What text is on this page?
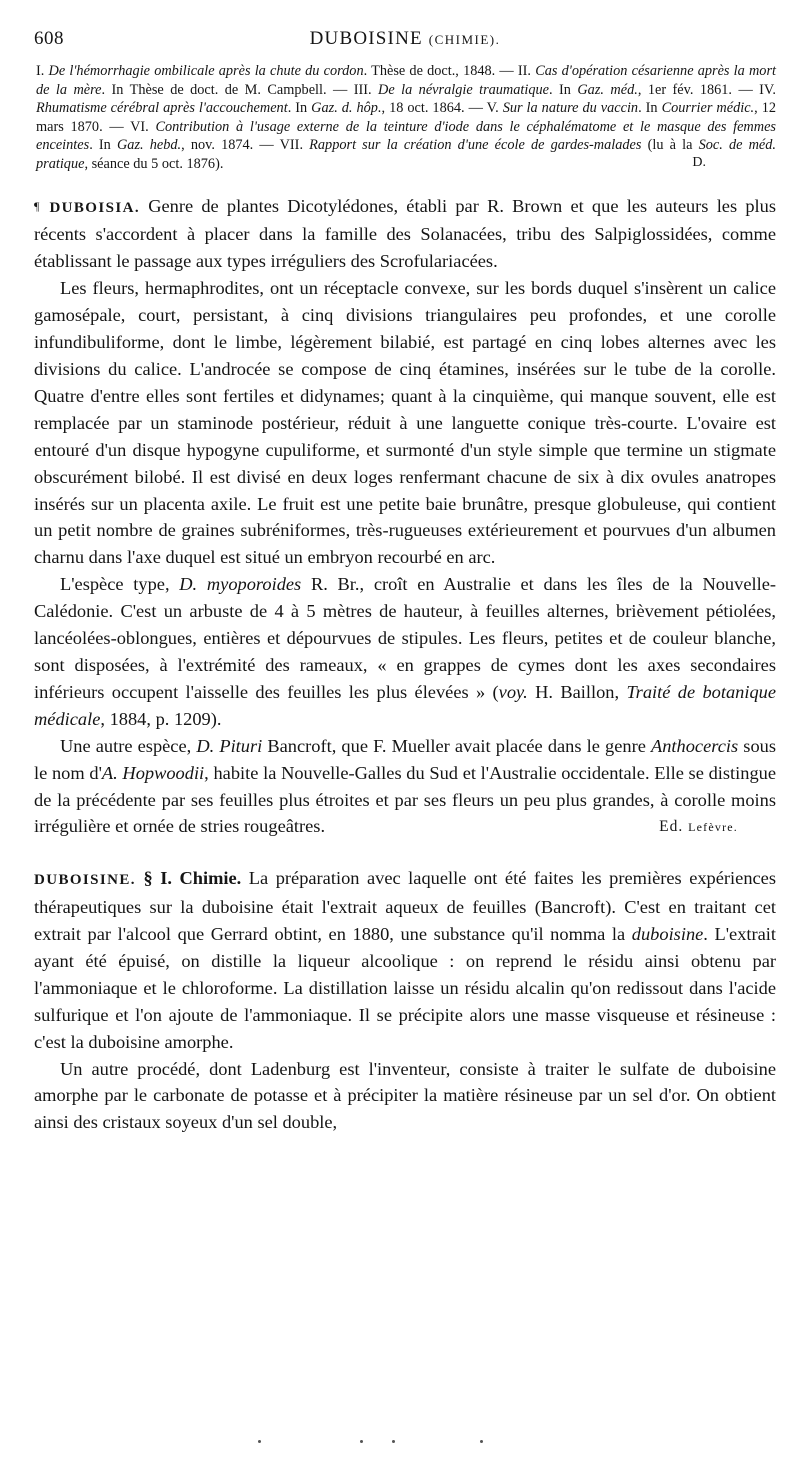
608	DUBOISINE (CHIMIE).

I. De l'hémorrhagie ombilicale après la chute du cordon. Thèse de doct., 1848. — II. Cas d'opération césarienne après la mort de la mère. In Thèse de doct. de M. Campbell. — III. De la névralgie traumatique. In Gaz. méd., 1er fév. 1861. — IV. Rhumatisme cérébral après l'accouchement. In Gaz. d. hôp., 18 oct. 1864. — V. Sur la nature du vaccin. In Courrier médic., 12 mars 1870. — VI. Contribution à l'usage externe de la teinture d'iode dans le céphalématome et le masque des femmes enceintes. In Gaz. hebd., nov. 1874. — VII. Rapport sur la création d'une école de gardes-malades (lu à la Soc. de méd. pratique, séance du 5 oct. 1876).	D.

¶ DUBOISIA. Genre de plantes Dicotylédones, établi par R. Brown et que les auteurs les plus récents s'accordent à placer dans la famille des Solanacées, tribu des Salpiglossidées, comme établissant le passage aux types irréguliers des Scrofulariacées.

Les fleurs, hermaphrodites, ont un réceptacle convexe, sur les bords duquel s'insèrent un calice gamosépale, court, persistant, à cinq divisions triangulaires peu profondes, et une corolle infundibuliforme, dont le limbe, légèrement bilabié, est partagé en cinq lobes alternes avec les divisions du calice. L'androcée se compose de cinq étamines, insérées sur le tube de la corolle. Quatre d'entre elles sont fertiles et didynames; quant à la cinquième, qui manque souvent, elle est remplacée par un staminode postérieur, réduit à une languette conique très-courte. L'ovaire est entouré d'un disque hypogyne cupuliforme, et surmonté d'un style simple que termine un stigmate obscurément bilobé. Il est divisé en deux loges renfermant chacune de six à dix ovules anatropes insérés sur un placenta axile. Le fruit est une petite baie brunâtre, presque globuleuse, qui contient un petit nombre de graines subréniformes, très-rugueuses extérieurement et pourvues d'un albumen charnu dans l'axe duquel est situé un embryon recourbé en arc.

L'espèce type, D. myoporoides R. Br., croît en Australie et dans les îles de la Nouvelle-Calédonie. C'est un arbuste de 4 à 5 mètres de hauteur, à feuilles alternes, brièvement pétiolées, lancéolées-oblongues, entières et dépourvues de stipules. Les fleurs, petites et de couleur blanche, sont disposées, à l'extrémité des rameaux, « en grappes de cymes dont les axes secondaires inférieurs occupent l'aisselle des feuilles les plus élevées » (voy. H. Baillon, Traité de botanique médicale, 1884, p. 1209).

Une autre espèce, D. Pituri Bancroft, que F. Mueller avait placée dans le genre Anthocercis sous le nom d'A. Hopwoodii, habite la Nouvelle-Galles du Sud et l'Australie occidentale. Elle se distingue de la précédente par ses feuilles plus étroites et par ses fleurs un peu plus grandes, à corolle moins irrégulière et ornée de stries rougeâtres.	Ed. Lefèvre.

DUBOISINE. § I. Chimie. La préparation avec laquelle ont été faites les premières expériences thérapeutiques sur la duboisine était l'extrait aqueux de feuilles (Bancroft). C'est en traitant cet extrait par l'alcool que Gerrard obtint, en 1880, une substance qu'il nomma la duboisine. L'extrait ayant été épuisé, on distille la liqueur alcoolique : on reprend le résidu ainsi obtenu par l'ammoniaque et le chloroforme. La distillation laisse un résidu alcalin qu'on redissout dans l'acide sulfurique et l'on ajoute de l'ammoniaque. Il se précipite alors une masse visqueuse et résineuse : c'est la duboisine amorphe.

Un autre procédé, dont Ladenburg est l'inventeur, consiste à traiter le sulfate de duboisine amorphe par le carbonate de potasse et à précipiter la matière résineuse par un sel d'or. On obtient ainsi des cristaux soyeux d'un sel double,
